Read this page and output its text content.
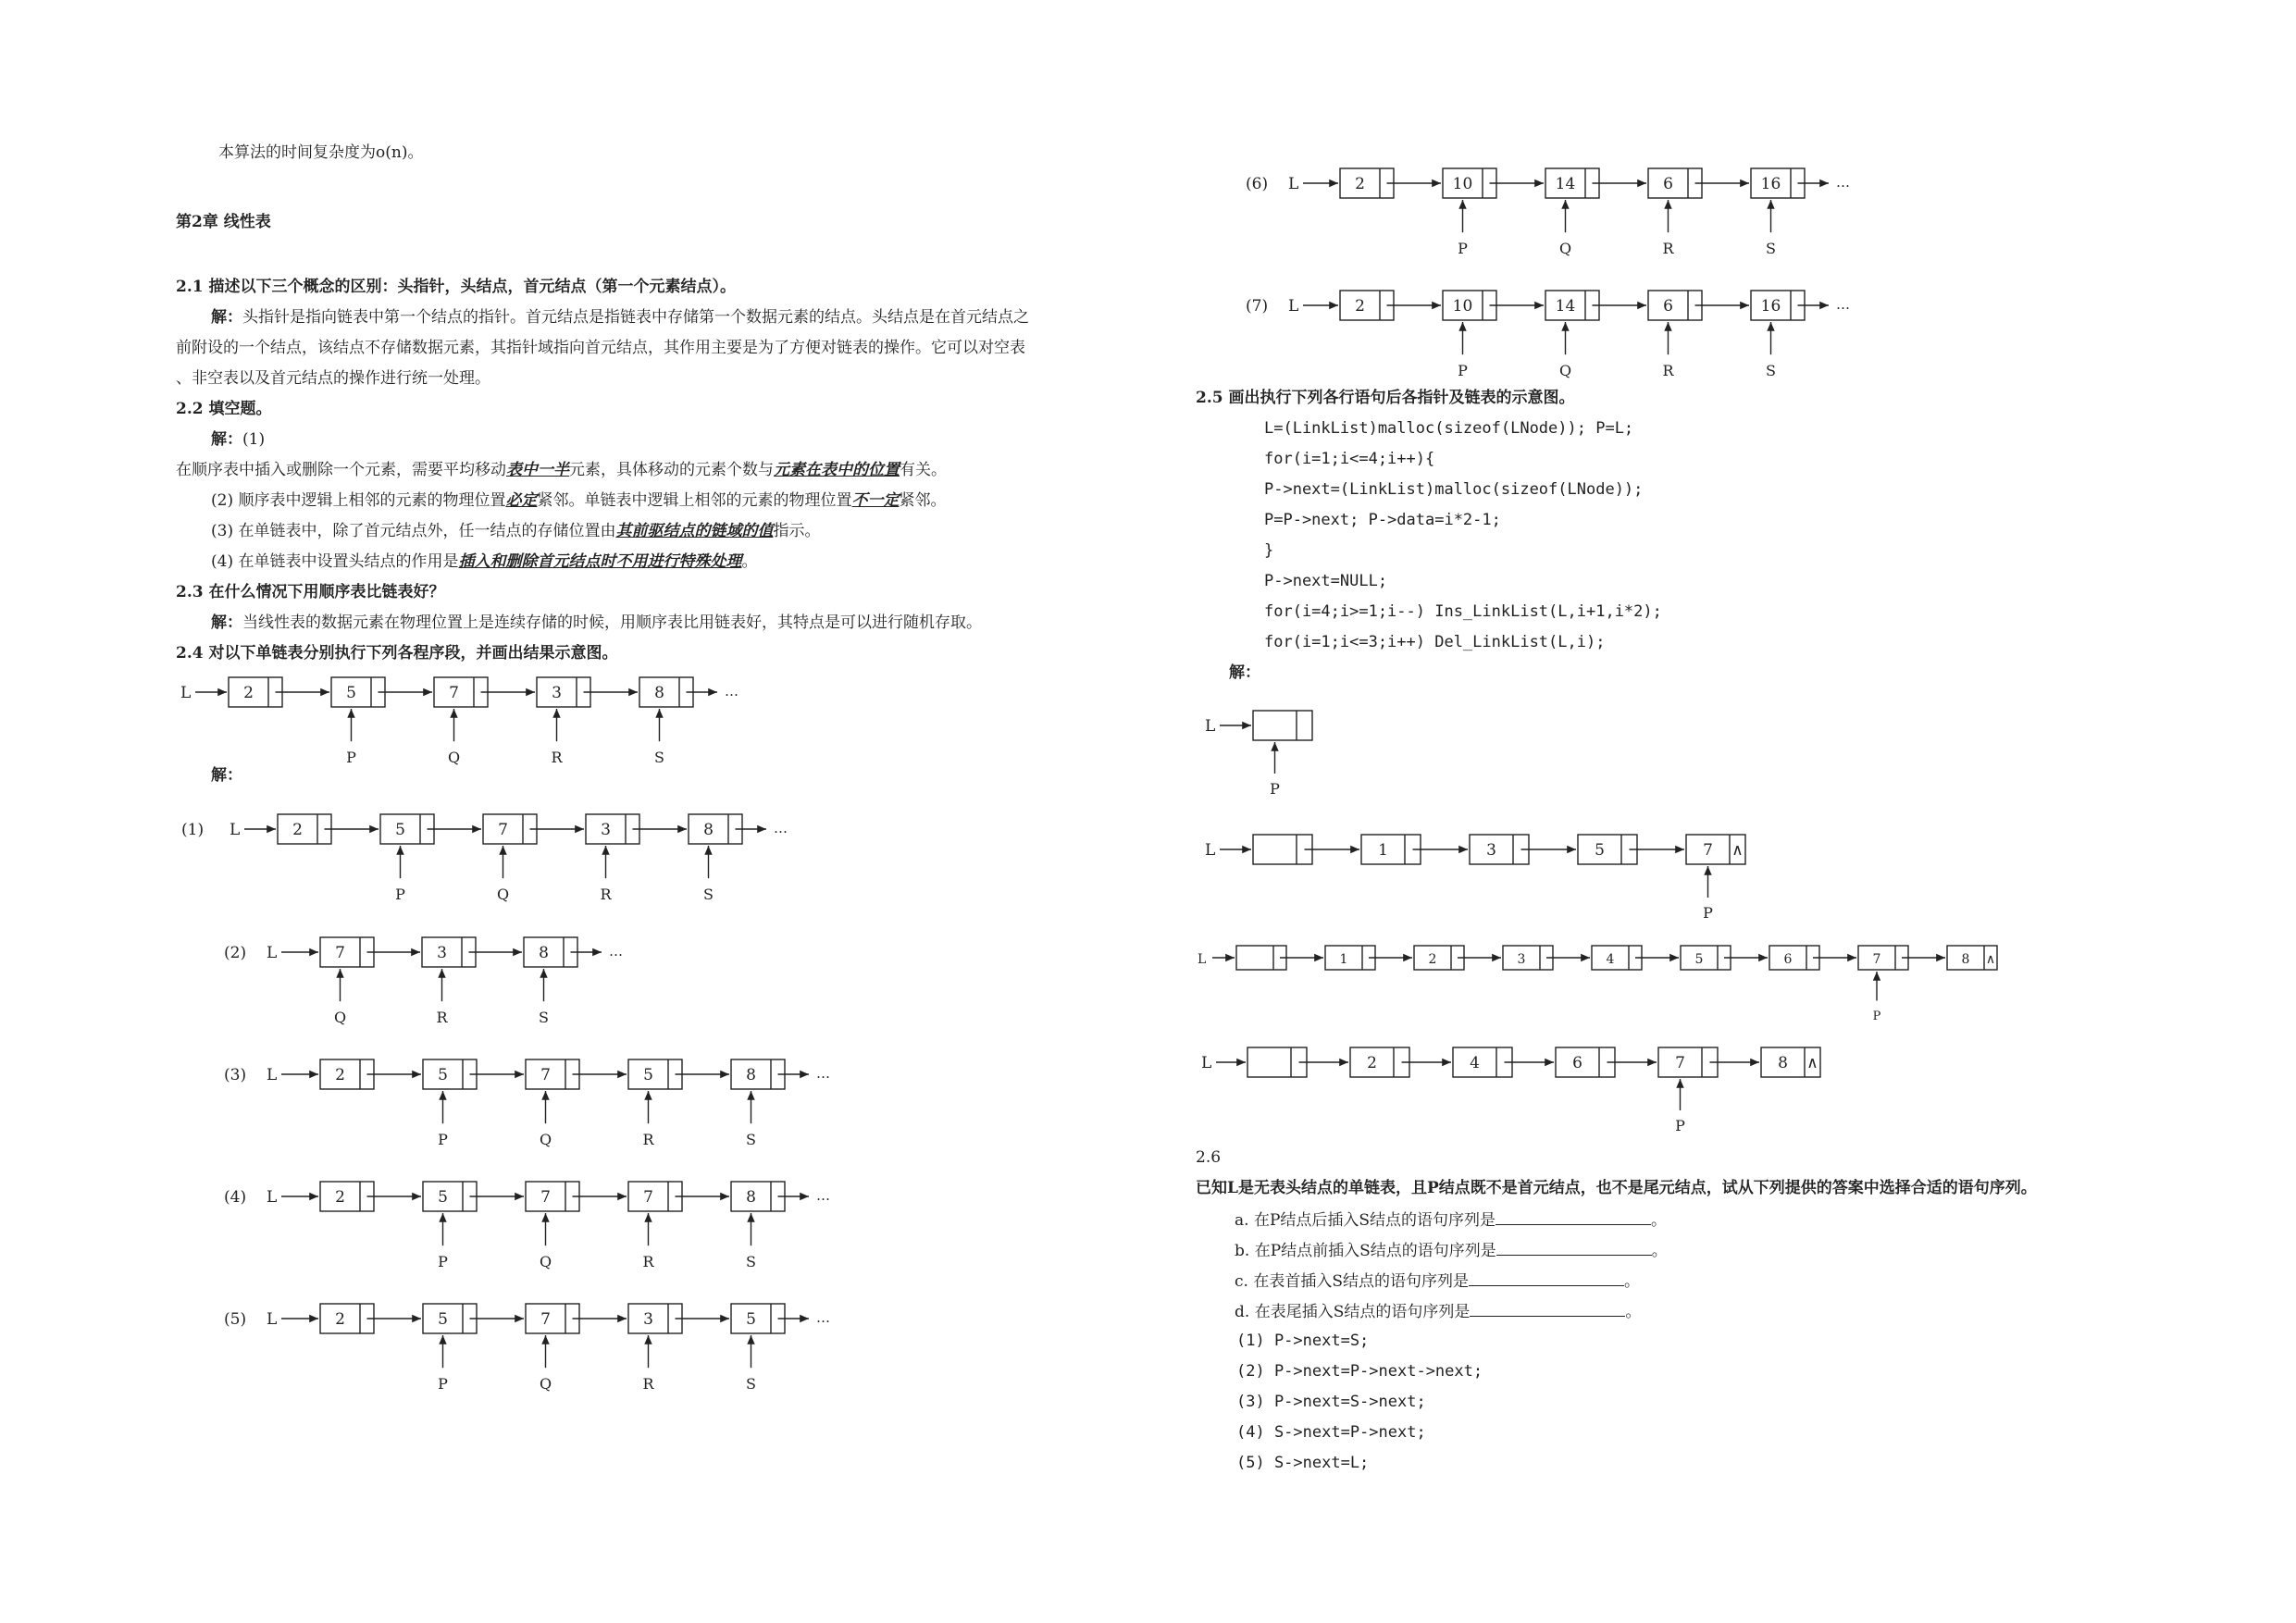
本算法的时间复杂度为o(n)。
第2章 线性表
2.1 描述以下三个概念的区别：头指针，头结点，首元结点（第一个元素结点）。
解：头指针是指向链表中第一个结点的指针。首元结点是指链表中存储第一个数据元素的结点。头结点是在首元结点之
前附设的一个结点，该结点不存储数据元素，其指针域指向首元结点，其作用主要是为了方便对链表的操作。它可以对空表
、非空表以及首元结点的操作进行统一处理。
2.2 填空题。
解：(1)
在顺序表中插入或删除一个元素，需要平均移动表中一半元素，具体移动的元素个数与元素在表中的位置有关。
(2) 顺序表中逻辑上相邻的元素的物理位置必定紧邻。单链表中逻辑上相邻的元素的物理位置不一定紧邻。
(3) 在单链表中，除了首元结点外，任一结点的存储位置由其前驱结点的链域的值指示。
(4) 在单链表中设置头结点的作用是插入和删除首元结点时不用进行特殊处理。
2.3 在什么情况下用顺序表比链表好？
解：当线性表的数据元素在物理位置上是连续存储的时候，用顺序表比用链表好，其特点是可以进行随机存取。
2.4 对以下单链表分别执行下列各程序段，并画出结果示意图。
解：
2.5 画出执行下列各行语句后各指针及链表的示意图。
L=(LinkList)malloc(sizeof(LNode)); P=L;
for(i=1;i<=4;i++){
P->next=(LinkList)malloc(sizeof(LNode));
P=P->next; P->data=i*2-1;
}
P->next=NULL;
for(i=4;i>=1;i--) Ins_LinkList(L,i+1,i*2);
for(i=1;i<=3;i++) Del_LinkList(L,i);
解：
2.6
已知L是无表头结点的单链表，且P结点既不是首元结点，也不是尾元结点，试从下列提供的答案中选择合适的语句序列。
a. 在P结点后插入S结点的语句序列是	。
b. 在P结点前插入S结点的语句序列是	。
c. 在表首插入S结点的语句序列是	。
d. 在表尾插入S结点的语句序列是	。
(1) P->next=S;
(2) P->next=P->next->next;
(3) P->next=S->next;
(4) S->next=P->next;
(5) S->next=L;
L	2	5
P
7
Q
3
R
8	…
S
(1) L	2	5
P
7
Q
3
R
8	…
S
(2) L	7
Q
3
R
8	…
S
(3) L	2	5
P
7
Q
5
R
8	…
S
(4) L	2	5
P
7
Q
7
R
8	…
S
(5) L	2	5
P
7
Q
3
R
5	…
S
(6) L	2	10
P
14
Q
6
R
16	…
S
(7) L	2	10
P
14
Q
6
R
16	…
S
L
P
L	1	3	5	7 ∧
P
L	1	2	3	4	5	6	7
P
8 ∧
L	2	4	6	7
P
8 ∧
